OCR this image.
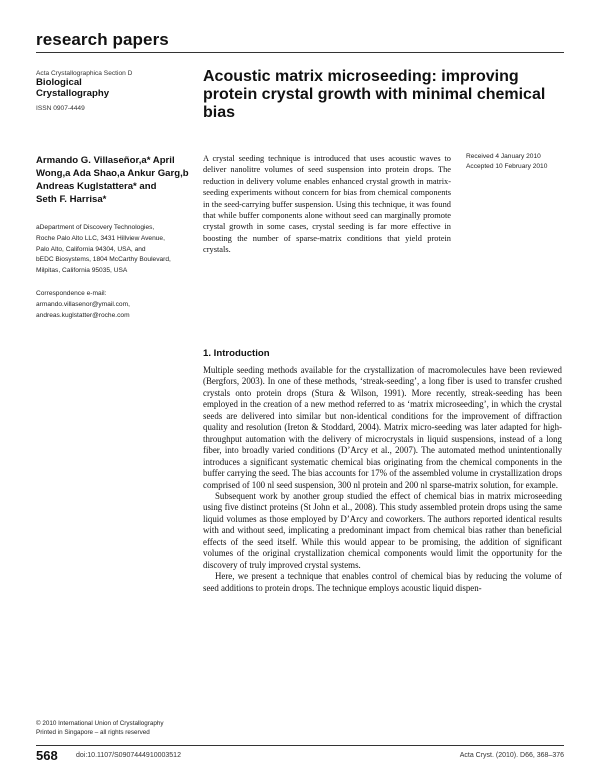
research papers
Acta Crystallographica Section D
Biological
Crystallography
ISSN 0907-4449
Acoustic matrix microseeding: improving protein crystal growth with minimal chemical bias
Armando G. Villaseñor,a* April
Wong,a Ada Shao,a Ankur Garg,b
Andreas Kuglstattera* and
Seth F. Harrisa*

aDepartment of Discovery Technologies,
Roche Palo Alto LLC, 3431 Hillview Avenue,
Palo Alto, California 94304, USA, and
bEDC Biosystems, 1804 McCarthy Boulevard,
Milpitas, California 95035, USA

Correspondence e-mail:
armando.villasenor@ymail.com,
andreas.kuglstatter@roche.com
A crystal seeding technique is introduced that uses acoustic waves to deliver nanolitre volumes of seed suspension into protein drops. The reduction in delivery volume enables enhanced crystal growth in matrix-seeding experiments without concern for bias from chemical components in the seed-carrying buffer suspension. Using this technique, it was found that while buffer components alone without seed can marginally promote crystal growth in some cases, crystal seeding is far more effective in boosting the number of sparse-matrix conditions that yield protein crystals.
Received 4 January 2010
Accepted 10 February 2010
1. Introduction

Multiple seeding methods available for the crystallization of macromolecules have been reviewed (Bergfors, 2003). In one of these methods, ‘streak-seeding’, a long fiber is used to transfer crushed crystals onto protein drops (Stura & Wilson, 1991). More recently, streak-seeding has been employed in the creation of a new method referred to as ‘matrix microseeding’, in which the crystal seeds are delivered into similar but non-identical conditions for the improvement of diffraction quality and resolution (Ireton & Stoddard, 2004). Matrix micro-seeding was later adapted for high-throughput automation with the delivery of microcrystals in liquid suspensions, instead of a long fiber, into broadly varied conditions (D’Arcy et al., 2007). The automated method unintentionally introduces a significant systematic chemical bias originating from the chemical components in the buffer carrying the seed. The bias accounts for 17% of the assembled volume in crystallization drops comprised of 100 nl seed suspension, 300 nl protein and 200 nl sparse-matrix solution, for example.

Subsequent work by another group studied the effect of chemical bias in matrix microseeding using five distinct proteins (St John et al., 2008). This study assembled protein drops using the same liquid volumes as those employed by D’Arcy and coworkers. The authors reported identical results with and without seed, implicating a predominant impact from chemical bias rather than beneficial effects of the seed itself. While this would appear to be promising, the addition of significant volumes of the original crystallization chemical components would limit the opportunity for the discovery of truly improved crystal systems.

Here, we present a technique that enables control of chemical bias by reducing the volume of seed additions to protein drops. The technique employs acoustic liquid dispen-

© 2010 International Union of Crystallography
Printed in Singapore – all rights reserved
568	doi:10.1107/S0907444910003512	Acta Cryst. (2010). D66, 368–376
